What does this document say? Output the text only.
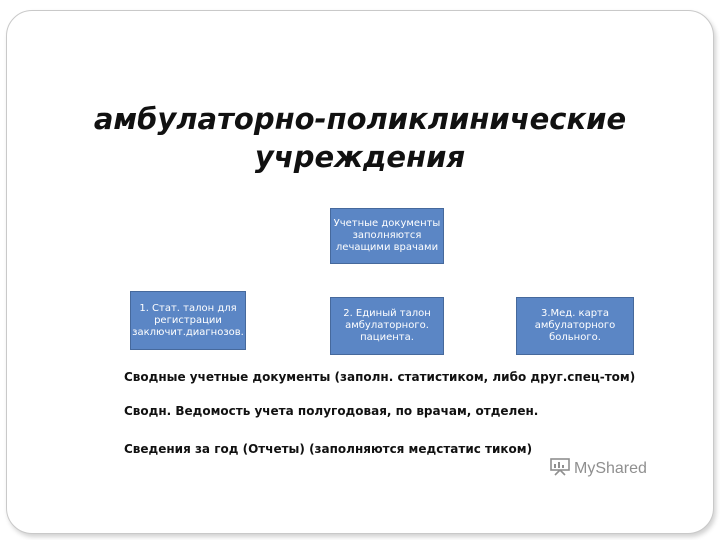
амбулаторно-поликлинические
учреждения
Учетные документы
заполняются
лечащими врачами
1. Стат. талон для
регистрации
заключит.диагнозов.
2. Единый талон
амбулаторного.
пациента.
3.Мед. карта
амбулаторного
больного.
Сводные учетные документы (заполн. статистиком, либо друг.спец-том)
Сводн. Ведомость учета полугодовая, по врачам, отделен.
Сведения за год (Отчеты) (заполняются медстатис тиком)
MyShared
